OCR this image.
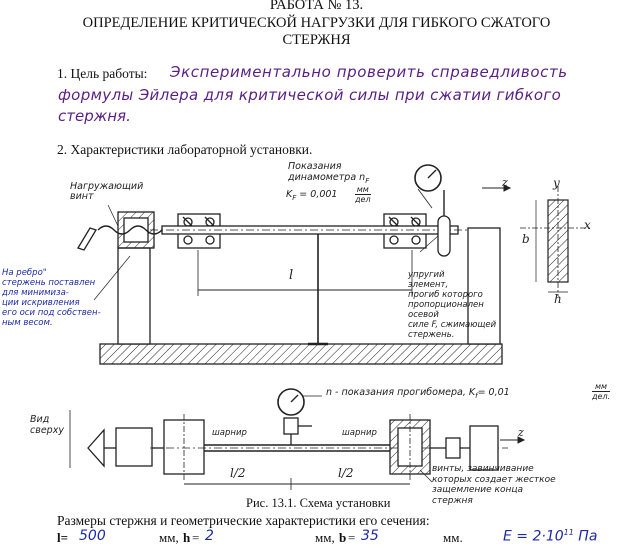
РАБОТА № 13.
ОПРЕДЕЛЕНИЕ КРИТИЧЕСКОЙ НАГРУЗКИ ДЛЯ ГИБКОГО СЖАТОГО
СТЕРЖНЯ
1. Цель работы: Экспериментально проверить справедливость
формулы Эйлера для критической силы при сжатии гибкого
стержня.
2. Характеристики лабораторной установки.
Нагружающий
винт
Показания
динамометра $n_F$
$K_F = 0,001$ мм
дел
l
y
x
b
h
z
На ребро"
стержень поставлен
для минимиза-
ции искривления
его оси под собствен-
ным весом.
упругий
элемент,
прогиб которого
пропорционален
осевой
силе F, сжимающей
стержень.
Вид сверху
n - показания прогибомера, $K_f= 0,01$
мм
дел.
шарнир	шарнир	z
l/2	l/2	винты, завинчивание
которых создает жесткое
защемление конца
стержня
Рис. 13.1. Схема установки
Размеры стержня и геометрические характеристики его сечения:
l= 500	мм, h = 2	мм, b = 35	мм.	$E = 2\cdot 10^{11}$ Па
